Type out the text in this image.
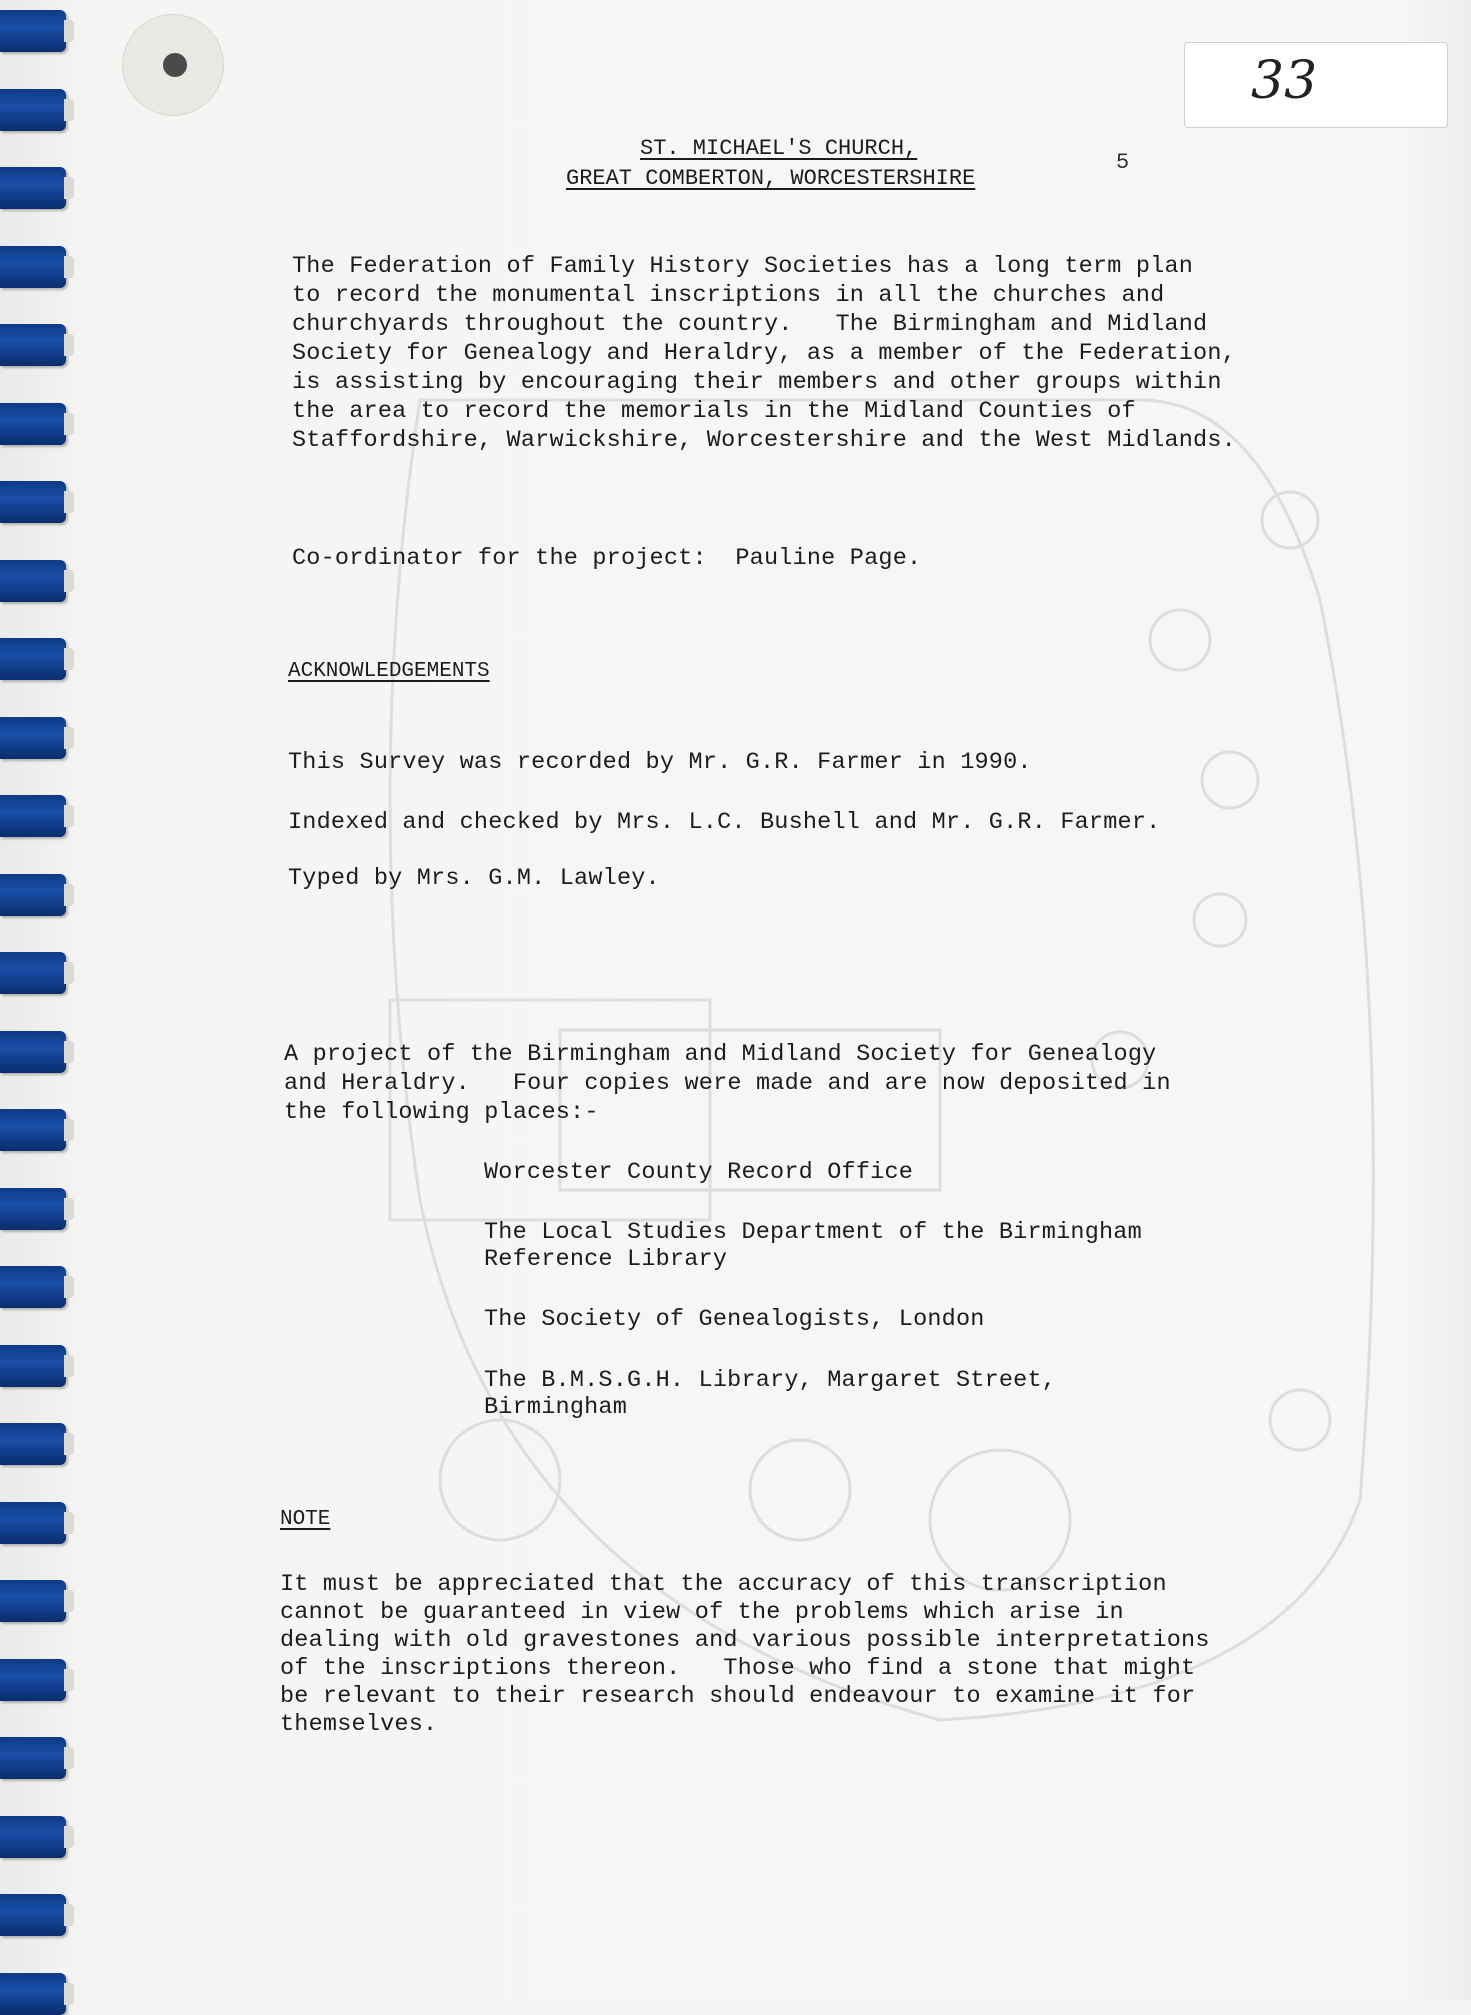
33
5
ST. MICHAEL'S CHURCH,
GREAT COMBERTON, WORCESTERSHIRE
The Federation of Family History Societies has a long term plan
to record the monumental inscriptions in all the churches and
churchyards throughout the country.   The Birmingham and Midland
Society for Genealogy and Heraldry, as a member of the Federation,
is assisting by encouraging their members and other groups within
the area to record the memorials in the Midland Counties of
Staffordshire, Warwickshire, Worcestershire and the West Midlands.
Co-ordinator for the project:  Pauline Page.
ACKNOWLEDGEMENTS
This Survey was recorded by Mr. G.R. Farmer in 1990.
Indexed and checked by Mrs. L.C. Bushell and Mr. G.R. Farmer.
Typed by Mrs. G.M. Lawley.
A project of the Birmingham and Midland Society for Genealogy
and Heraldry.   Four copies were made and are now deposited in
the following places:-
Worcester County Record Office
The Local Studies Department of the Birmingham
Reference Library
The Society of Genealogists, London
The B.M.S.G.H. Library, Margaret Street,
Birmingham
NOTE
It must be appreciated that the accuracy of this transcription
cannot be guaranteed in view of the problems which arise in
dealing with old gravestones and various possible interpretations
of the inscriptions thereon.   Those who find a stone that might
be relevant to their research should endeavour to examine it for
themselves.
